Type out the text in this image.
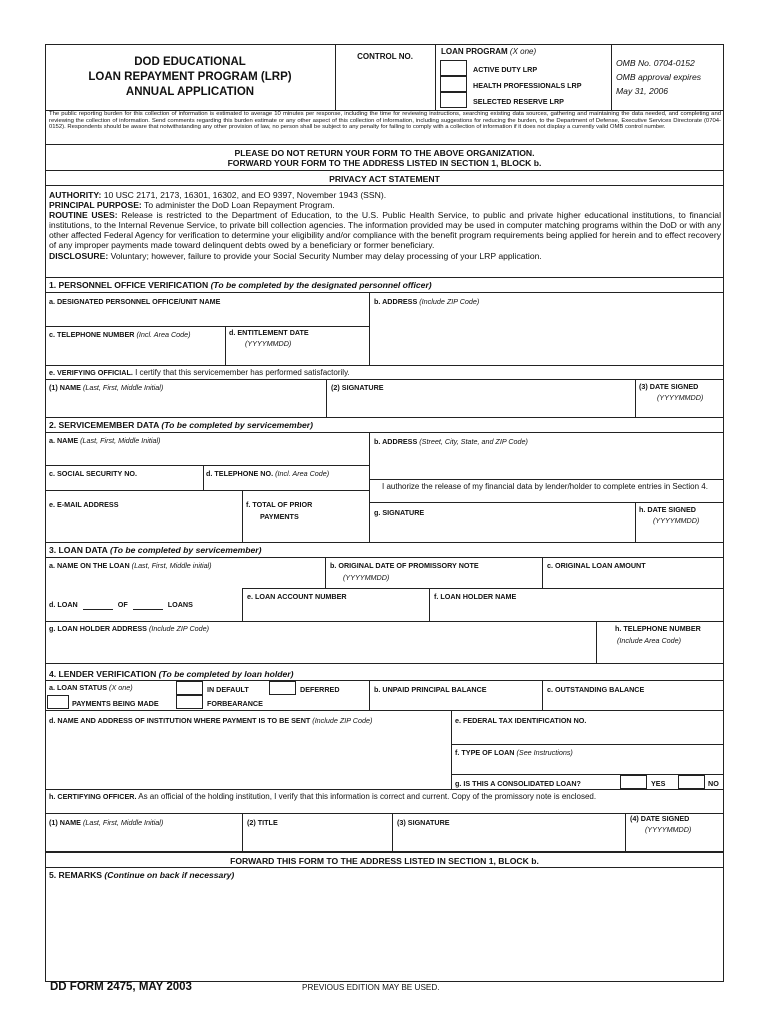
DOD EDUCATIONAL
LOAN REPAYMENT PROGRAM (LRP)
ANNUAL APPLICATION
CONTROL NO.
LOAN PROGRAM (X one)
ACTIVE DUTY LRP
HEALTH PROFESSIONALS LRP
SELECTED RESERVE LRP
OMB No. 0704-0152
OMB approval expires
May 31, 2006
The public reporting burden for this collection of information is estimated to average 10 minutes per response, including the time for reviewing instructions, searching existing data sources, gathering and maintaining the data needed, and completing and reviewing the collection of information. Send comments regarding this burden estimate or any other aspect of this collection of information, including suggestions for reducing the burden, to the Department of Defense, Executive Services Directorate (0704-0152). Respondents should be aware that notwithstanding any other provision of law, no person shall be subject to any penalty for failing to comply with a collection of information if it does not display a currently valid OMB control number.
PLEASE DO NOT RETURN YOUR FORM TO THE ABOVE ORGANIZATION.
FORWARD YOUR FORM TO THE ADDRESS LISTED IN SECTION 1, BLOCK b.
PRIVACY ACT STATEMENT
AUTHORITY: 10 USC 2171, 2173, 16301, 16302, and EO 9397, November 1943 (SSN).
PRINCIPAL PURPOSE: To administer the DoD Loan Repayment Program.
ROUTINE USES: Release is restricted to the Department of Education, to the U.S. Public Health Service, to public and private higher educational institutions, to financial institutions, to the Internal Revenue Service, to private bill collection agencies. The information provided may be used in computer matching programs within the DoD or with any other affected Federal Agency for verification to determine your eligibility and/or compliance with the benefit program requirements being applied for herein and to effect recovery of any improper payments made toward delinquent debts owed by a beneficiary or former beneficiary.
DISCLOSURE: Voluntary; however, failure to provide your Social Security Number may delay processing of your LRP application.
1. PERSONNEL OFFICE VERIFICATION (To be completed by the designated personnel officer)
a. DESIGNATED PERSONNEL OFFICE/UNIT NAME	b. ADDRESS (Include ZIP Code)
c. TELEPHONE NUMBER (Incl. Area Code)	d. ENTITLEMENT DATE
(YYYYMMDD)
e. VERIFYING OFFICIAL. I certify that this servicemember has performed satisfactorily.
(1) NAME (Last, First, Middle Initial)	(2) SIGNATURE	(3) DATE SIGNED
(YYYYMMDD)
2. SERVICEMEMBER DATA (To be completed by servicemember)
a. NAME (Last, First, Middle Initial)	b. ADDRESS (Street, City, State, and ZIP Code)
c. SOCIAL SECURITY NO.	d. TELEPHONE NO. (Incl. Area Code)
I authorize the release of my financial data by lender/holder to complete entries in Section 4.
e. E-MAIL ADDRESS	f. TOTAL OF PRIOR
PAYMENTS	g. SIGNATURE	h. DATE SIGNED
(YYYYMMDD)
3. LOAN DATA (To be completed by servicemember)
a. NAME ON THE LOAN (Last, First, Middle initial)	b. ORIGINAL DATE OF PROMISSORY NOTE
(YYYYMMDD)
c. ORIGINAL LOAN AMOUNT
d. LOAN	OF	LOANS
e. LOAN ACCOUNT NUMBER	f. LOAN HOLDER NAME
g. LOAN HOLDER ADDRESS (Include ZIP Code)	h. TELEPHONE NUMBER
(Include Area Code)
4. LENDER VERIFICATION (To be completed by loan holder)
a. LOAN STATUS (X one)	IN DEFAULT	DEFERRED
PAYMENTS BEING MADE	FORBEARANCE
b. UNPAID PRINCIPAL BALANCE	c. OUTSTANDING BALANCE
d. NAME AND ADDRESS OF INSTITUTION WHERE PAYMENT IS TO BE SENT (Include ZIP Code)	e. FEDERAL TAX IDENTIFICATION NO.
f. TYPE OF LOAN (See Instructions)
g. IS THIS A CONSOLIDATED LOAN?	YES	NO
h. CERTIFYING OFFICER. As an official of the holding institution, I verify that this information is correct and current. Copy of the promissory note is enclosed.
(1) NAME (Last, First, Middle Initial)	(2) TITLE	(3) SIGNATURE	(4) DATE SIGNED
(YYYYMMDD)
FORWARD THIS FORM TO THE ADDRESS LISTED IN SECTION 1, BLOCK b.
5. REMARKS (Continue on back if necessary)
DD FORM 2475, MAY 2003	PREVIOUS EDITION MAY BE USED.
